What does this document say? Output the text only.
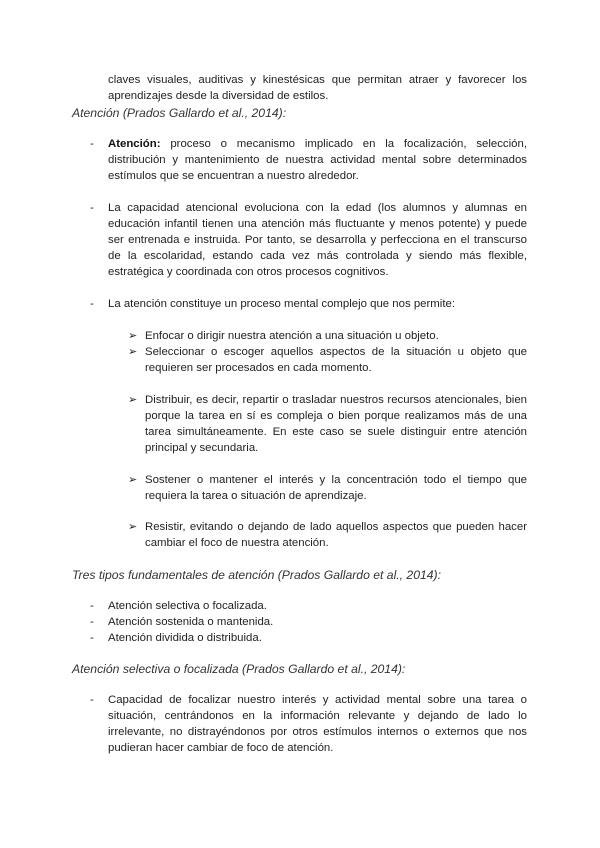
claves visuales, auditivas y kinestésicas que permitan atraer y favorecer los aprendizajes desde la diversidad de estilos.
Atención (Prados Gallardo et al., 2014):
-	Atención: proceso o mecanismo implicado en la focalización, selección, distribución y mantenimiento de nuestra actividad mental sobre determinados estímulos que se encuentran a nuestro alrededor.
-	La capacidad atencional evoluciona con la edad (los alumnos y alumnas en educación infantil tienen una atención más fluctuante y menos potente) y puede ser entrenada e instruida. Por tanto, se desarrolla y perfecciona en el transcurso de la escolaridad, estando cada vez más controlada y siendo más flexible, estratégica y coordinada con otros procesos cognitivos.
-	La atención constituye un proceso mental complejo que nos permite:
➢ Enfocar o dirigir nuestra atención a una situación u objeto.
➢ Seleccionar o escoger aquellos aspectos de la situación u objeto que requieren ser procesados en cada momento.
➢ Distribuir, es decir, repartir o trasladar nuestros recursos atencionales, bien porque la tarea en sí es compleja o bien porque realizamos más de una tarea simultáneamente. En este caso se suele distinguir entre atención principal y secundaria.
➢ Sostener o mantener el interés y la concentración todo el tiempo que requiera la tarea o situación de aprendizaje.
➢ Resistir, evitando o dejando de lado aquellos aspectos que pueden hacer cambiar el foco de nuestra atención.
Tres tipos fundamentales de atención (Prados Gallardo et al., 2014):
-	Atención selectiva o focalizada.
-	Atención sostenida o mantenida.
-	Atención dividida o distribuida.
Atención selectiva o focalizada (Prados Gallardo et al., 2014):
-	Capacidad de focalizar nuestro interés y actividad mental sobre una tarea o situación, centrándonos en la información relevante y dejando de lado lo irrelevante, no distrayéndonos por otros estímulos internos o externos que nos pudieran hacer cambiar de foco de atención.
